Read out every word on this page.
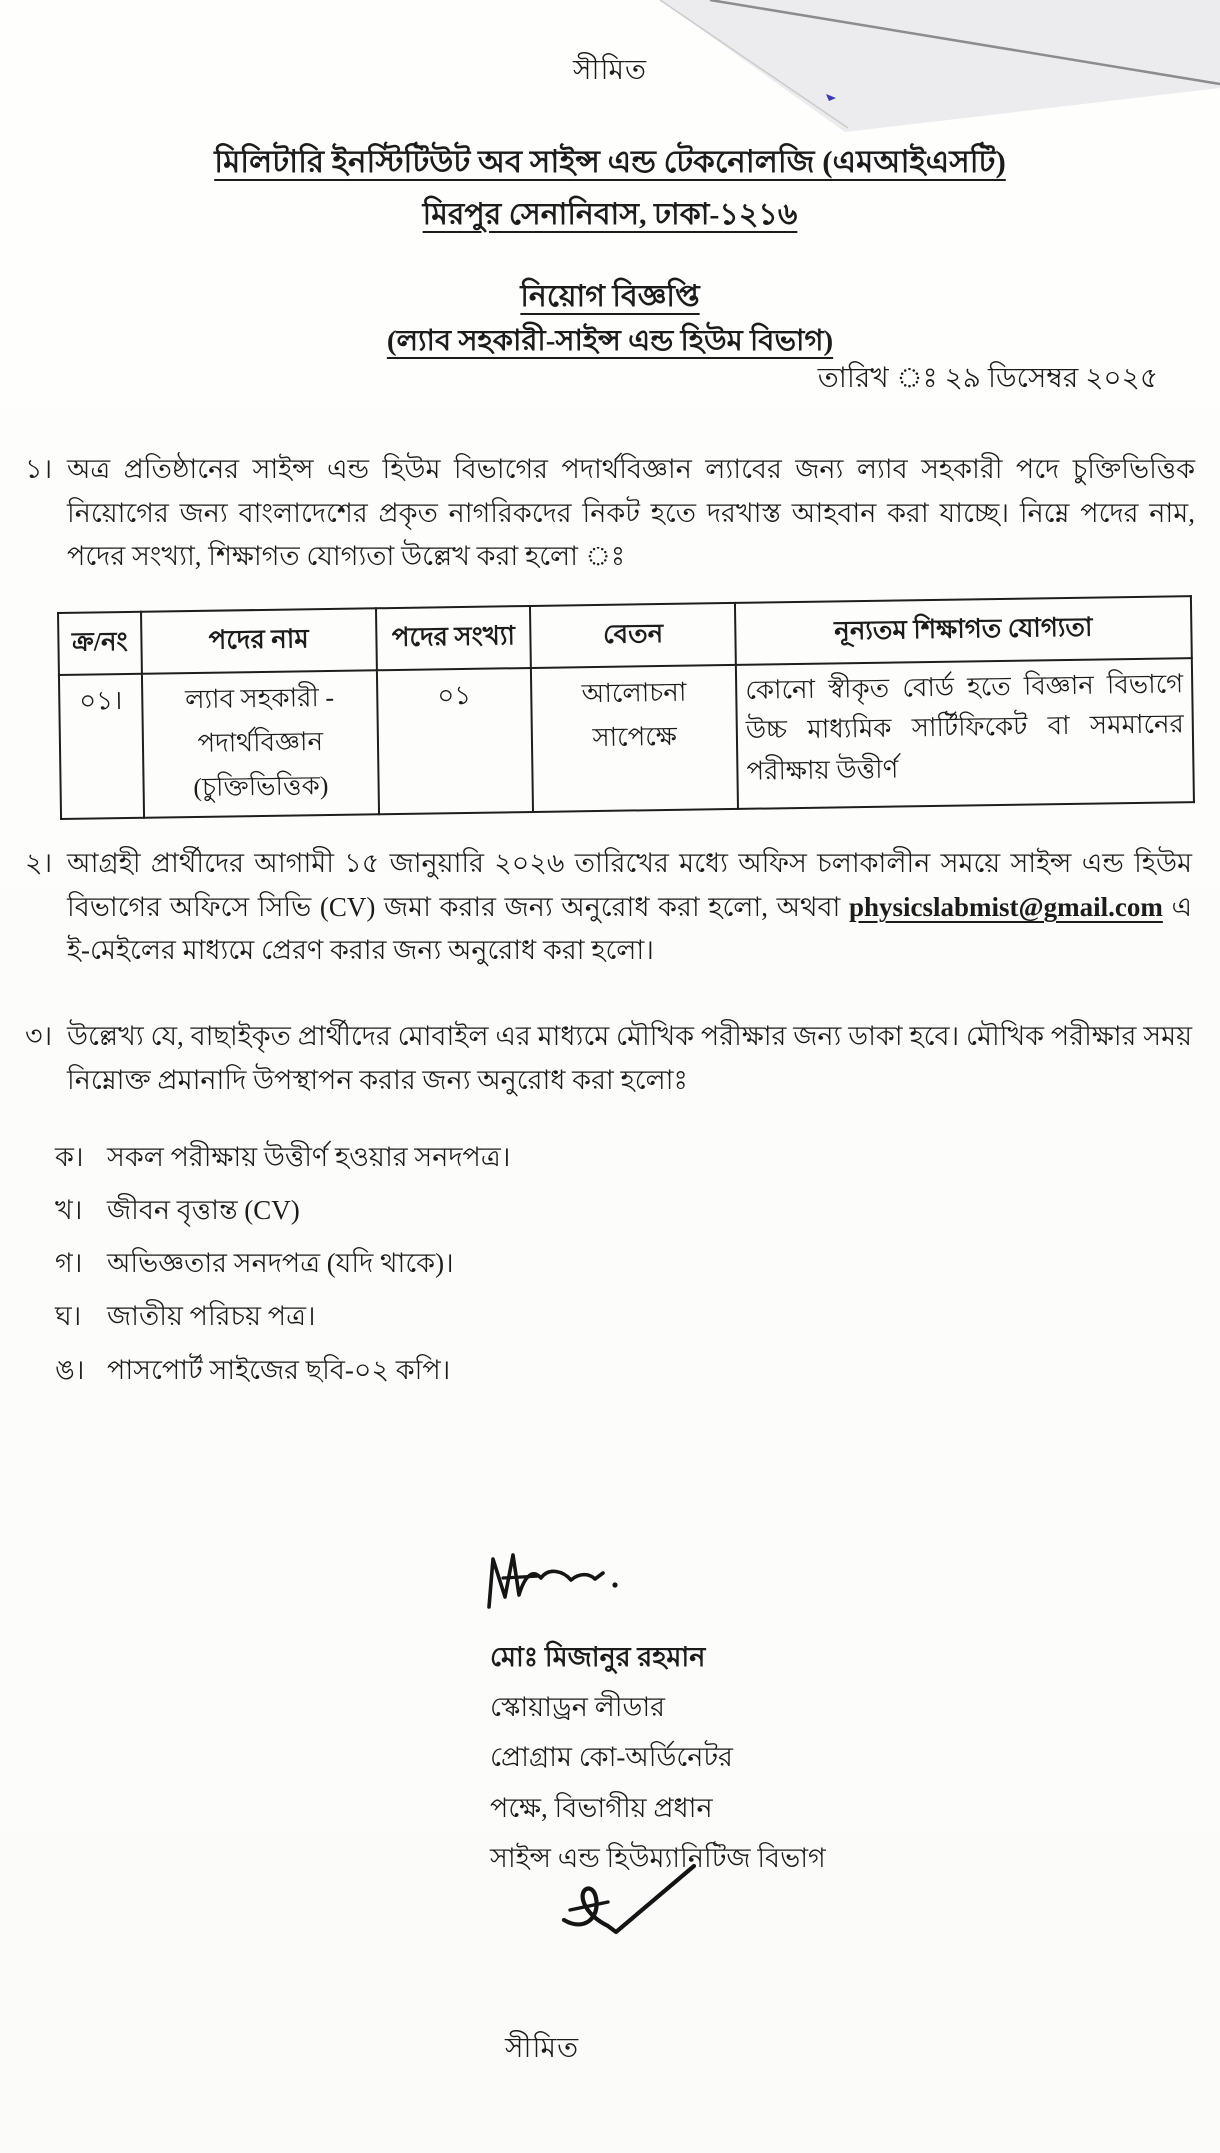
সীমিত
মিলিটারি ইনস্টিটিউট অব সাইন্স এন্ড টেকনোলজি (এমআইএসটি)
মিরপুর সেনানিবাস, ঢাকা-১২১৬
নিয়োগ বিজ্ঞপ্তি
(ল্যাব সহকারী-সাইন্স এন্ড হিউম বিভাগ)
তারিখ ঃ ২৯ ডিসেম্বর ২০২৫
১। অত্র প্রতিষ্ঠানের সাইন্স এন্ড হিউম বিভাগের পদার্থবিজ্ঞান ল্যাবের জন্য ল্যাব সহকারী পদে চুক্তিভিত্তিক নিয়োগের জন্য বাংলাদেশের প্রকৃত নাগরিকদের নিকট হতে দরখাস্ত আহবান করা যাচ্ছে। নিম্নে পদের নাম, পদের সংখ্যা, শিক্ষাগত যোগ্যতা উল্লেখ করা হলো ঃ
ক্র/নং	পদের নাম	পদের সংখ্যা	বেতন	নূন্যতম শিক্ষাগত যোগ্যতা
০১।	ল্যাব সহকারী - পদার্থবিজ্ঞান (চুক্তিভিত্তিক)	০১	আলোচনা সাপেক্ষে	কোনো স্বীকৃত বোর্ড হতে বিজ্ঞান বিভাগে উচ্চ মাধ্যমিক সার্টিফিকেট বা সমমানের পরীক্ষায় উত্তীর্ণ
২। আগ্রহী প্রার্থীদের আগামী ১৫ জানুয়ারি ২০২৬ তারিখের মধ্যে অফিস চলাকালীন সময়ে সাইন্স এন্ড হিউম বিভাগের অফিসে সিভি (CV) জমা করার জন্য অনুরোধ করা হলো, অথবা physicslabmist@gmail.com এ ই-মেইলের মাধ্যমে প্রেরণ করার জন্য অনুরোধ করা হলো।
৩। উল্লেখ্য যে, বাছাইকৃত প্রার্থীদের মোবাইল এর মাধ্যমে মৌখিক পরীক্ষার জন্য ডাকা হবে। মৌখিক পরীক্ষার সময় নিম্নোক্ত প্রমানাদি উপস্থাপন করার জন্য অনুরোধ করা হলোঃ
ক। সকল পরীক্ষায় উত্তীর্ণ হওয়ার সনদপত্র।
খ। জীবন বৃত্তান্ত (CV)
গ। অভিজ্ঞতার সনদপত্র (যদি থাকে)।
ঘ। জাতীয় পরিচয় পত্র।
ঙ। পাসপোর্ট সাইজের ছবি-০২ কপি।
মোঃ মিজানুর রহমান
স্কোয়াড্রন লীডার
প্রোগ্রাম কো-অর্ডিনেটর
পক্ষে, বিভাগীয় প্রধান
সাইন্স এন্ড হিউম্যানিটিজ বিভাগ
সীমিত
